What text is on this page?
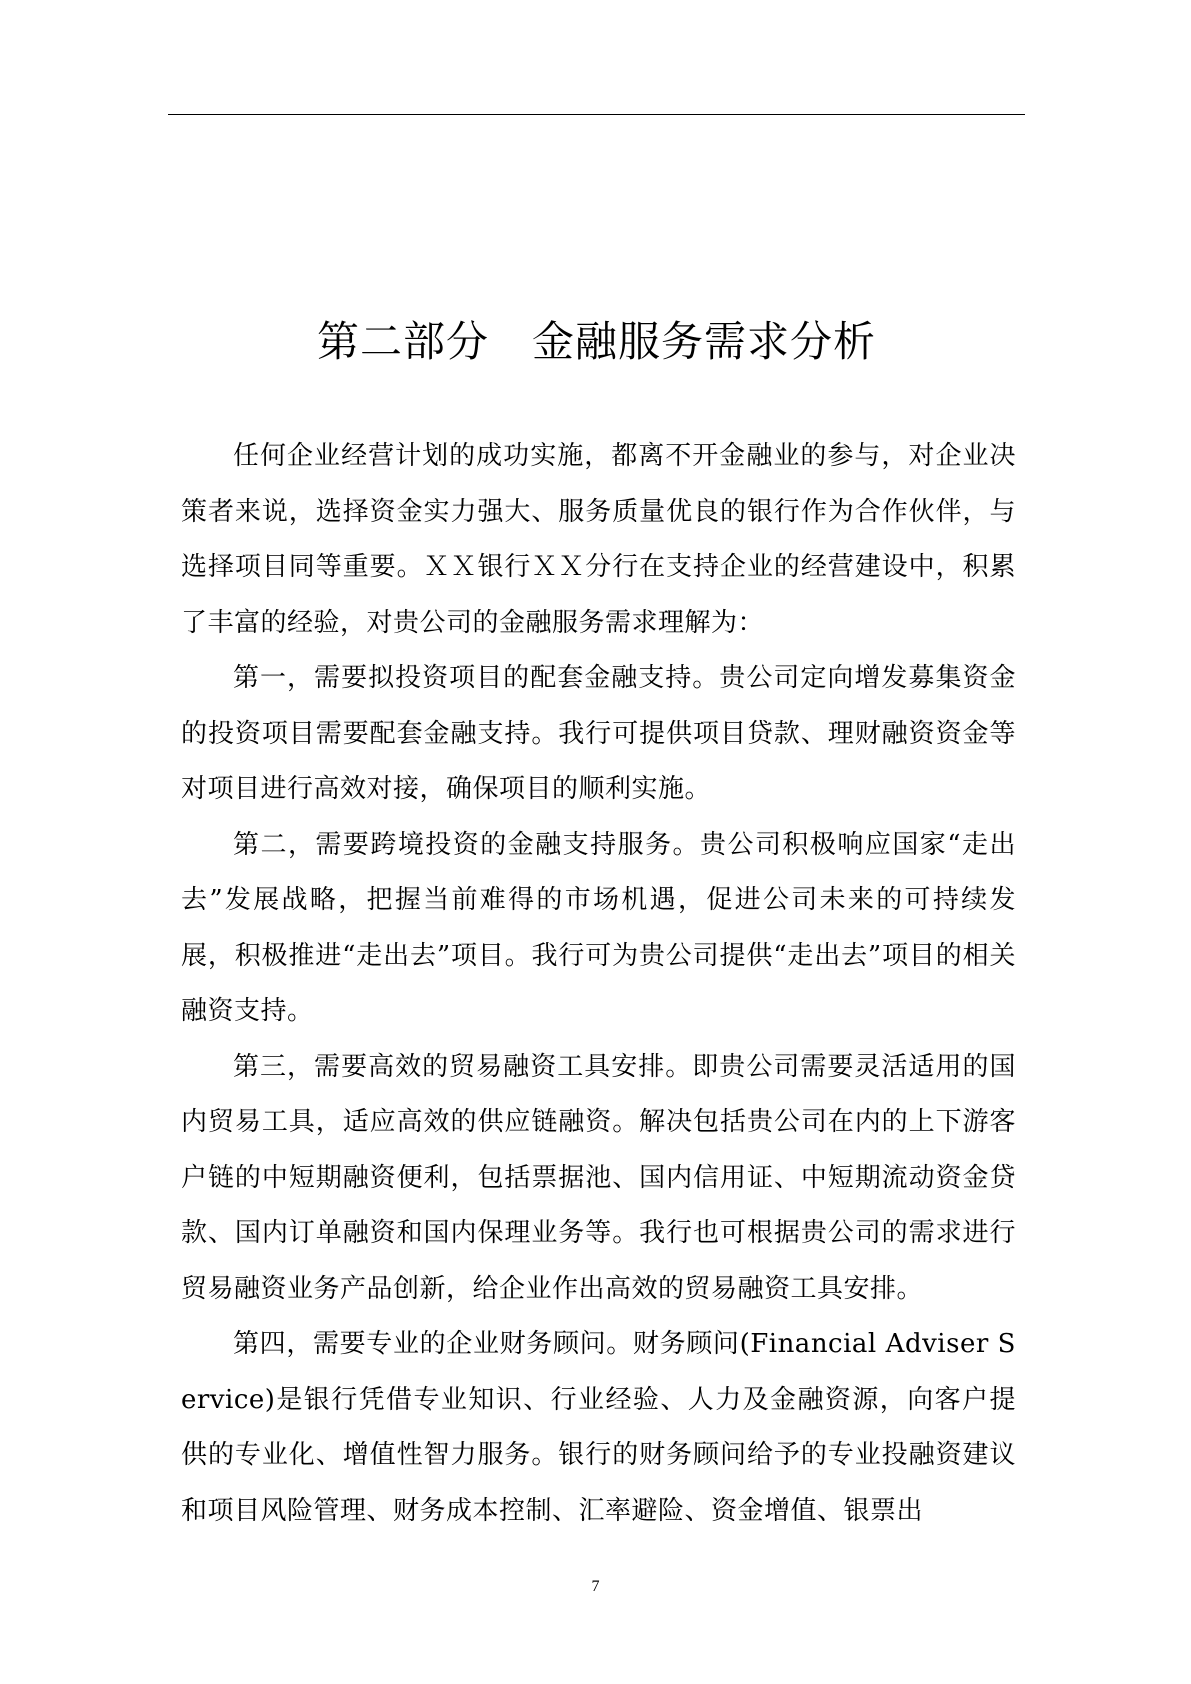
第二部分　金融服务需求分析

任何企业经营计划的成功实施，都离不开金融业的参与，对企业决策者来说，选择资金实力强大、服务质量优良的银行作为合作伙伴，与选择项目同等重要。ＸＸ银行ＸＸ分行在支持企业的经营建设中，积累了丰富的经验，对贵公司的金融服务需求理解为：

第一，需要拟投资项目的配套金融支持。贵公司定向增发募集资金的投资项目需要配套金融支持。我行可提供项目贷款、理财融资资金等对项目进行高效对接，确保项目的顺利实施。

第二，需要跨境投资的金融支持服务。贵公司积极响应国家“走出去”发展战略，把握当前难得的市场机遇，促进公司未来的可持续发展，积极推进“走出去”项目。我行可为贵公司提供“走出去”项目的相关融资支持。

第三，需要高效的贸易融资工具安排。即贵公司需要灵活适用的国内贸易工具，适应高效的供应链融资。解决包括贵公司在内的上下游客户链的中短期融资便利，包括票据池、国内信用证、中短期流动资金贷款、国内订单融资和国内保理业务等。我行也可根据贵公司的需求进行贸易融资业务产品创新，给企业作出高效的贸易融资工具安排。

第四，需要专业的企业财务顾问。财务顾问(Financial Adviser Service)是银行凭借专业知识、行业经验、人力及金融资源，向客户提供的专业化、增值性智力服务。银行的财务顾问给予的专业投融资建议和项目风险管理、财务成本控制、汇率避险、资金增值、银票出

7
